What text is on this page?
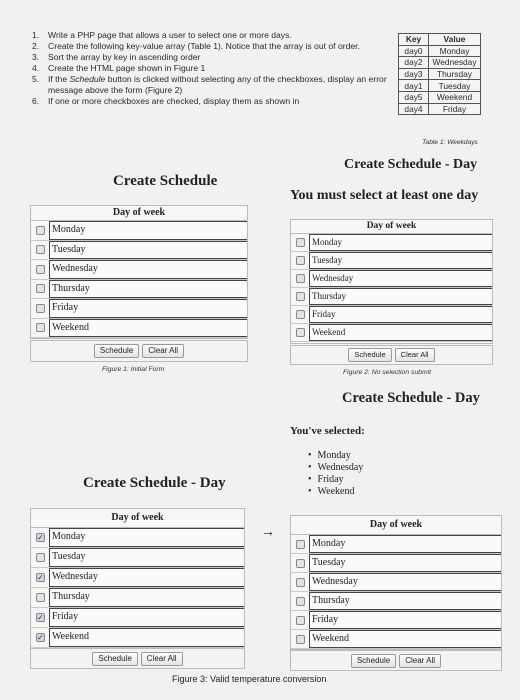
1.	Write a PHP page that allows a user to select one or more days.
2.	Create the following key-value array (Table 1). Notice that the array is out of order.
3.	Sort the array by key in ascending order
4.	Create the HTML page shown in Figure 1
5.	If the Schedule button is clicked without selecting any of the checkboxes, display an error message above the form (Figure 2)
6.	If one or more checkboxes are checked, display them as shown in
Key	Value
day0	Monday
day2	Wednesday
day3	Thursday
day1	Tuesday
day5	Weekend
day4	Friday
Table 1: Weekdays
Create Schedule - Day
You must select at least one day
Create Schedule
Day of week
Monday
Tuesday
Wednesday
Thursday
Friday
Weekend
Schedule	Clear All
Figure 1: Initial Form
Day of week
Monday
Tuesday
Wednesday
Thursday
Friday
Weekend
Schedule	Clear All
Figure 2: No selection submit
Create Schedule - Day
You've selected:
• Monday
• Wednesday
• Friday
• Weekend
Create Schedule - Day
Day of week
✓ Monday
Tuesday
✓ Wednesday
Thursday
✓ Friday
✓ Weekend
Schedule	Clear All
→	Day of week
Monday
Tuesday
Wednesday
Thursday
Friday
Weekend
Schedule	Clear All
Figure 3: Valid temperature conversion
